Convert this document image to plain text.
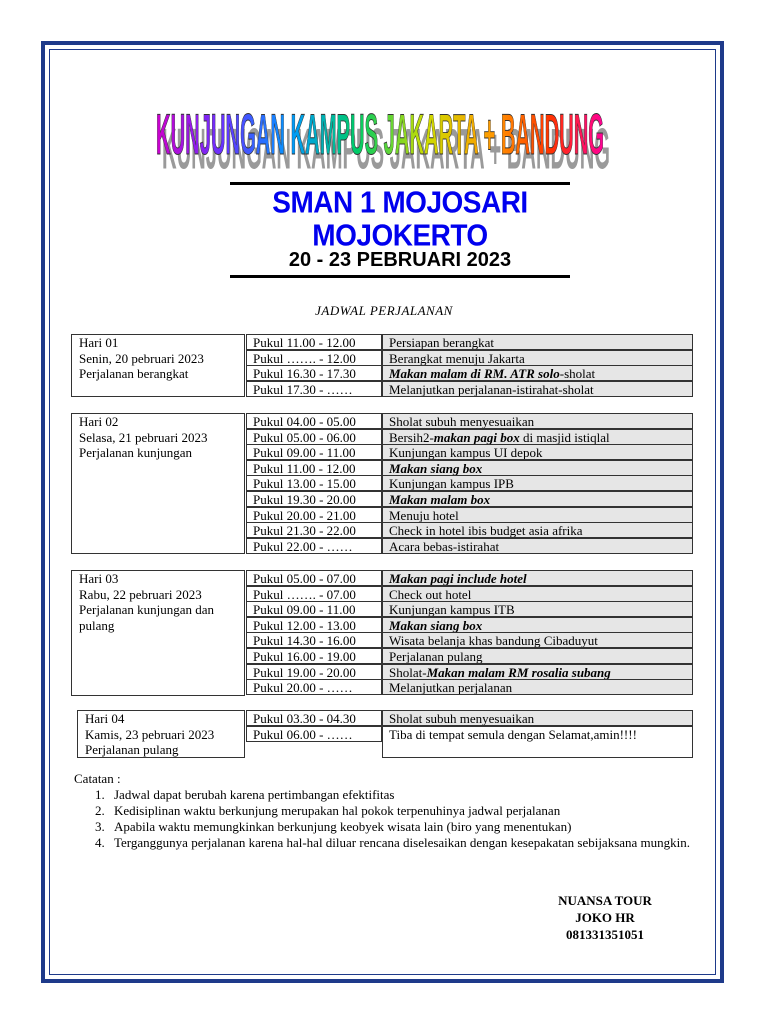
KUNJUNGAN KAMPUS JAKARTA + BANDUNG
KUNJUNGAN KAMPUS JAKARTA + BANDUNG
SMAN 1 MOJOSARI MOJOKERTO
20 - 23 PEBRUARI 2023
JADWAL PERJALANAN
Hari 01
Senin, 20 pebruari 2023
Perjalanan berangkat
Pukul 11.00 - 12.00	Persiapan berangkat
Pukul ……. - 12.00	Berangkat menuju Jakarta
Pukul 16.30 - 17.30	Makan malam di RM. ATR solo-sholat
Pukul 17.30 - ……	Melanjutkan perjalanan-istirahat-sholat
Hari 02
Selasa, 21 pebruari 2023
Perjalanan kunjungan
Pukul 04.00 - 05.00	Sholat subuh menyesuaikan
Pukul 05.00 - 06.00	Bersih2-makan pagi box di masjid istiqlal
Pukul 09.00 - 11.00	Kunjungan kampus UI depok
Pukul 11.00 - 12.00	Makan siang box
Pukul 13.00 - 15.00	Kunjungan kampus IPB
Pukul 19.30 - 20.00	Makan malam box
Pukul 20.00 - 21.00	Menuju hotel
Pukul 21.30 - 22.00	Check in hotel ibis budget asia afrika
Pukul 22.00 - ……	Acara bebas-istirahat
Hari 03
Rabu, 22 pebruari 2023
Perjalanan kunjungan dan pulang
Pukul 05.00 - 07.00	Makan pagi include hotel
Pukul ……. - 07.00	Check out hotel
Pukul 09.00 - 11.00	Kunjungan kampus ITB
Pukul 12.00 - 13.00	Makan siang box
Pukul 14.30 - 16.00	Wisata belanja khas bandung Cibaduyut
Pukul 16.00 - 19.00	Perjalanan pulang
Pukul 19.00 - 20.00	Sholat-Makan malam RM rosalia subang
Pukul 20.00 - ……	Melanjutkan perjalanan
Hari 04
Kamis, 23 pebruari 2023
Perjalanan pulang
Pukul 03.30 - 04.30	Sholat subuh menyesuaikan
Pukul 06.00 - ……	Tiba di tempat semula dengan Selamat,amin!!!!
Catatan :
1. Jadwal dapat berubah karena pertimbangan efektifitas
2. Kedisiplinan waktu berkunjung merupakan hal pokok terpenuhinya jadwal perjalanan
3. Apabila waktu memungkinkan berkunjung keobyek wisata lain (biro yang menentukan)
4. Terganggunya perjalanan karena hal-hal diluar rencana diselesaikan dengan kesepakatan sebijaksana mungkin.
NUANSA TOUR
JOKO HR
081331351051
